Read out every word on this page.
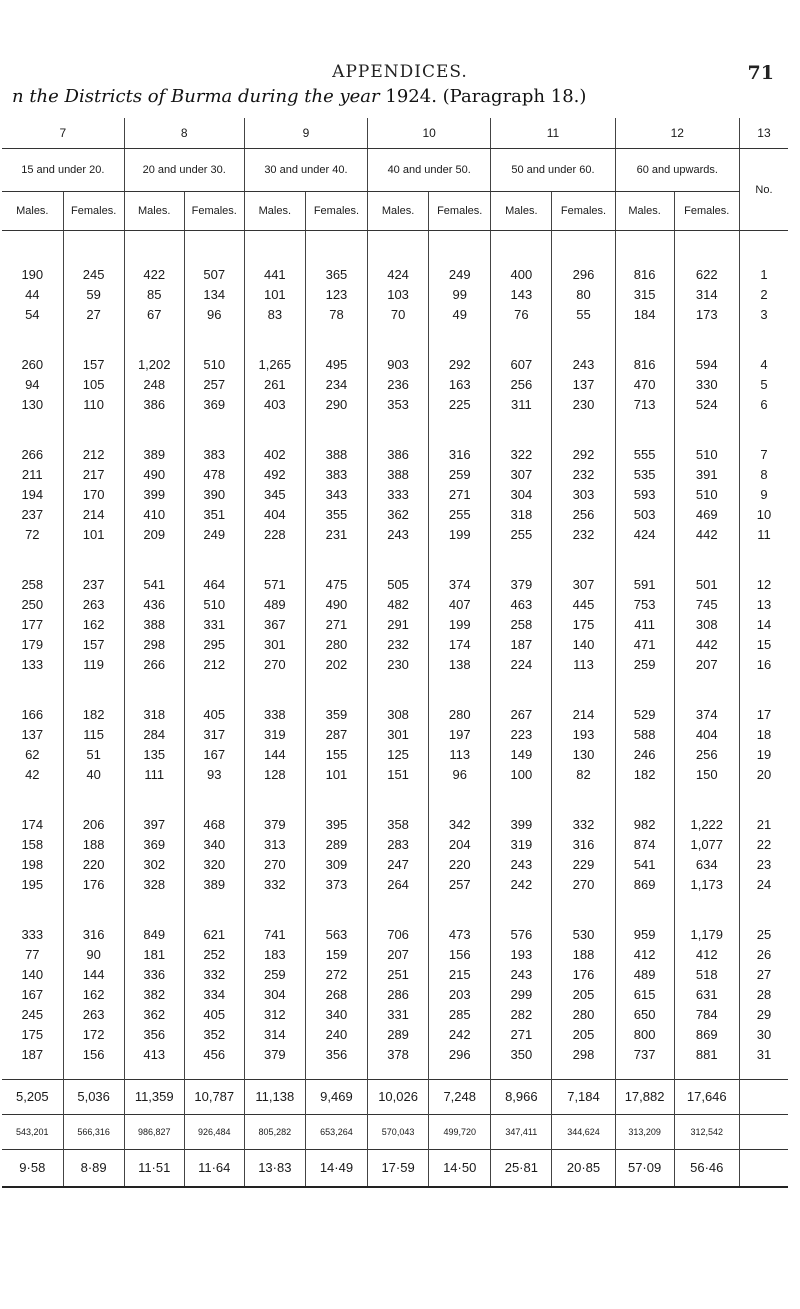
APPENDICES.	71
n the Districts of Burma during the year 1924. (Paragraph 18.)
7		8		9		10		11		12		13
15 and under 20.		20 and under 30.		30 and under 40.		40 and under 50.		50 and under 60.		60 and upwards.		No.
Males.	Females.	Males.	Females.	Males.	Females.	Males.	Females.	Males.	Females.	Males.	Females.	
190	245	422	507	441	365	424	249	400	296	816	622	1
44	59	85	134	101	123	103	99	143	80	315	314	2
54	27	67	96	83	78	70	49	76	55	184	173	3
260	157	1,202	510	1,265	495	903	292	607	243	816	594	4
94	105	248	257	261	234	236	163	256	137	470	330	5
130	110	386	369	403	290	353	225	311	230	713	524	6
266	212	389	383	402	388	386	316	322	292	555	510	7
211	217	490	478	492	383	388	259	307	232	535	391	8
194	170	399	390	345	343	333	271	304	303	593	510	9
237	214	410	351	404	355	362	255	318	256	503	469	10
72	101	209	249	228	231	243	199	255	232	424	442	11
258	237	541	464	571	475	505	374	379	307	591	501	12
250	263	436	510	489	490	482	407	463	445	753	745	13
177	162	388	331	367	271	291	199	258	175	411	308	14
179	157	298	295	301	280	232	174	187	140	471	442	15
133	119	266	212	270	202	230	138	224	113	259	207	16
166	182	318	405	338	359	308	280	267	214	529	374	17
137	115	284	317	319	287	301	197	223	193	588	404	18
62	51	135	167	144	155	125	113	149	130	246	256	19
42	40	111	93	128	101	151	96	100	82	182	150	20
174	206	397	468	379	395	358	342	399	332	982	1,222	21
158	188	369	340	313	289	283	204	319	316	874	1,077	22
198	220	302	320	270	309	247	220	243	229	541	634	23
195	176	328	389	332	373	264	257	242	270	869	1,173	24
333	316	849	621	741	563	706	473	576	530	959	1,179	25
77	90	181	252	183	159	207	156	193	188	412	412	26
140	144	336	332	259	272	251	215	243	176	489	518	27
167	162	382	334	304	268	286	203	299	205	615	631	28
245	263	362	405	312	340	331	285	282	280	650	784	29
175	172	356	352	314	240	289	242	271	205	800	869	30
187	156	413	456	379	356	378	296	350	298	737	881	31

5,205	5,036	11,359	10,787	11,138	9,469	10,026	7,248	8,966	7,184	17,882	17,646	
543,201	566,316	986,827	926,484	805,282	653,264	570,043	499,720	347,411	344,624	313,209	312,542	
9·58	8·89	11·51	11·64	13·83	14·49	17·59	14·50	25·81	20·85	57·09	56·46	
